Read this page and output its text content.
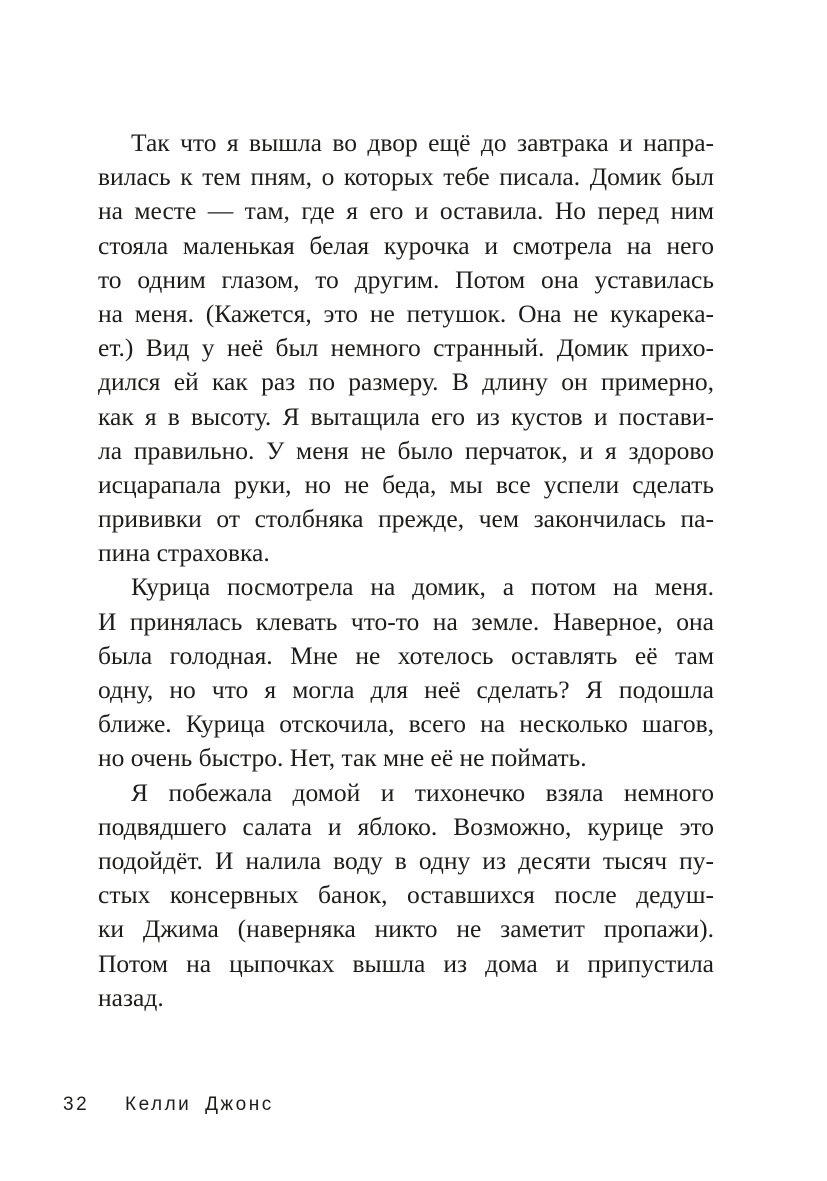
Так что я вышла во двор ещё до завтрака и напра-
вилась к тем пням, о которых тебе писала. Домик был
на месте — там, где я его и оставила. Но перед ним
стояла маленькая белая курочка и смотрела на него
то одним глазом, то другим. Потом она уставилась
на меня. (Кажется, это не петушок. Она не кукарека-
ет.) Вид у неё был немного странный. Домик прихо-
дился ей как раз по размеру. В длину он примерно,
как я в высоту. Я вытащила его из кустов и постави-
ла правильно. У меня не было перчаток, и я здорово
исцарапала руки, но не беда, мы все успели сделать
прививки от столбняка прежде, чем закончилась па-
пина страховка.
Курица посмотрела на домик, а потом на меня.
И принялась клевать что-то на земле. Наверное, она
была голодная. Мне не хотелось оставлять её там
одну, но что я могла для неё сделать? Я подошла
ближе. Курица отскочила, всего на несколько шагов,
но очень быстро. Нет, так мне её не поймать.
Я побежала домой и тихонечко взяла немного
подвядшего салата и яблоко. Возможно, курице это
подойдёт. И налила воду в одну из десяти тысяч пу-
стых консервных банок, оставшихся после дедуш-
ки Джима (наверняка никто не заметит пропажи).
Потом на цыпочках вышла из дома и припустила
назад.
32 Келли Джонс
